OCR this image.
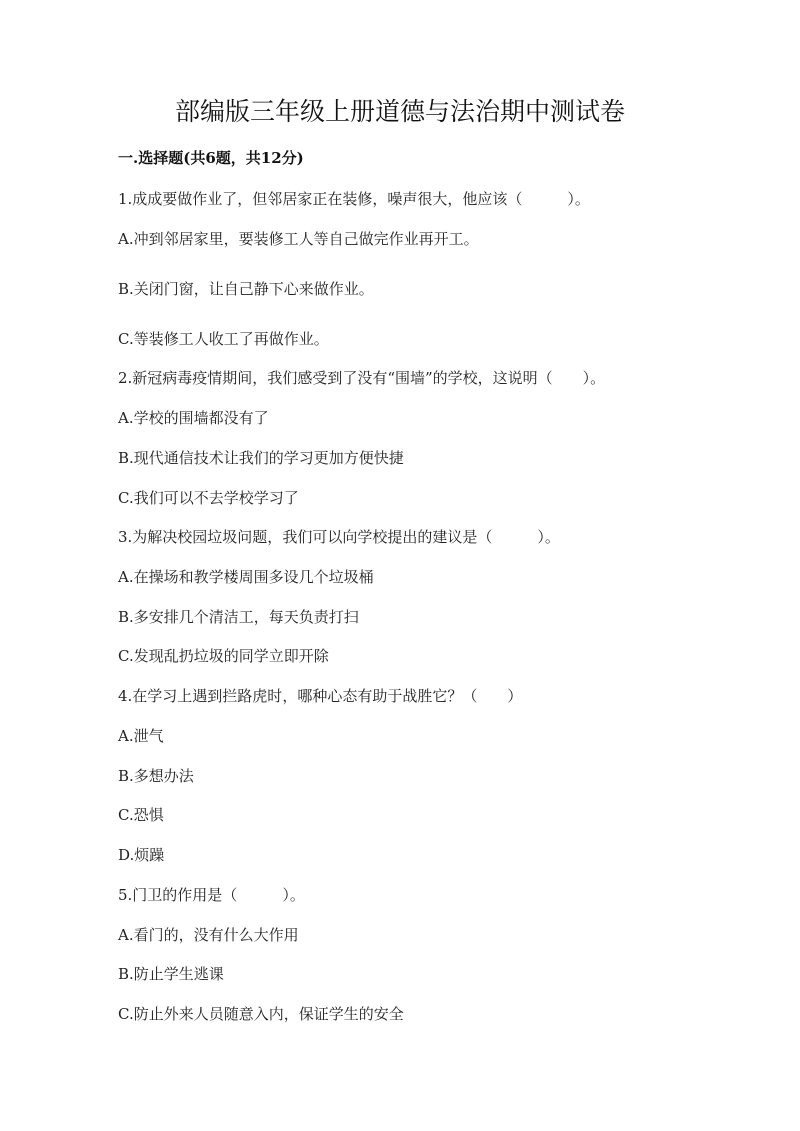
部编版三年级上册道德与法治期中测试卷
一.选择题(共6题，共12分)
1.成成要做作业了，但邻居家正在装修，噪声很大，他应该（　　　）。
A.冲到邻居家里，要装修工人等自己做完作业再开工。
B.关闭门窗，让自己静下心来做作业。
C.等装修工人收工了再做作业。
2.新冠病毒疫情期间，我们感受到了没有“围墙”的学校，这说明（　　）。
A.学校的围墙都没有了
B.现代通信技术让我们的学习更加方便快捷
C.我们可以不去学校学习了
3.为解决校园垃圾问题，我们可以向学校提出的建议是（　　　）。
A.在操场和教学楼周围多设几个垃圾桶
B.多安排几个清洁工，每天负责打扫
C.发现乱扔垃圾的同学立即开除
4.在学习上遇到拦路虎时，哪种心态有助于战胜它？（　　）
A.泄气
B.多想办法
C.恐惧
D.烦躁
5.门卫的作用是（　　　）。
A.看门的，没有什么大作用
B.防止学生逃课
C.防止外来人员随意入内，保证学生的安全
